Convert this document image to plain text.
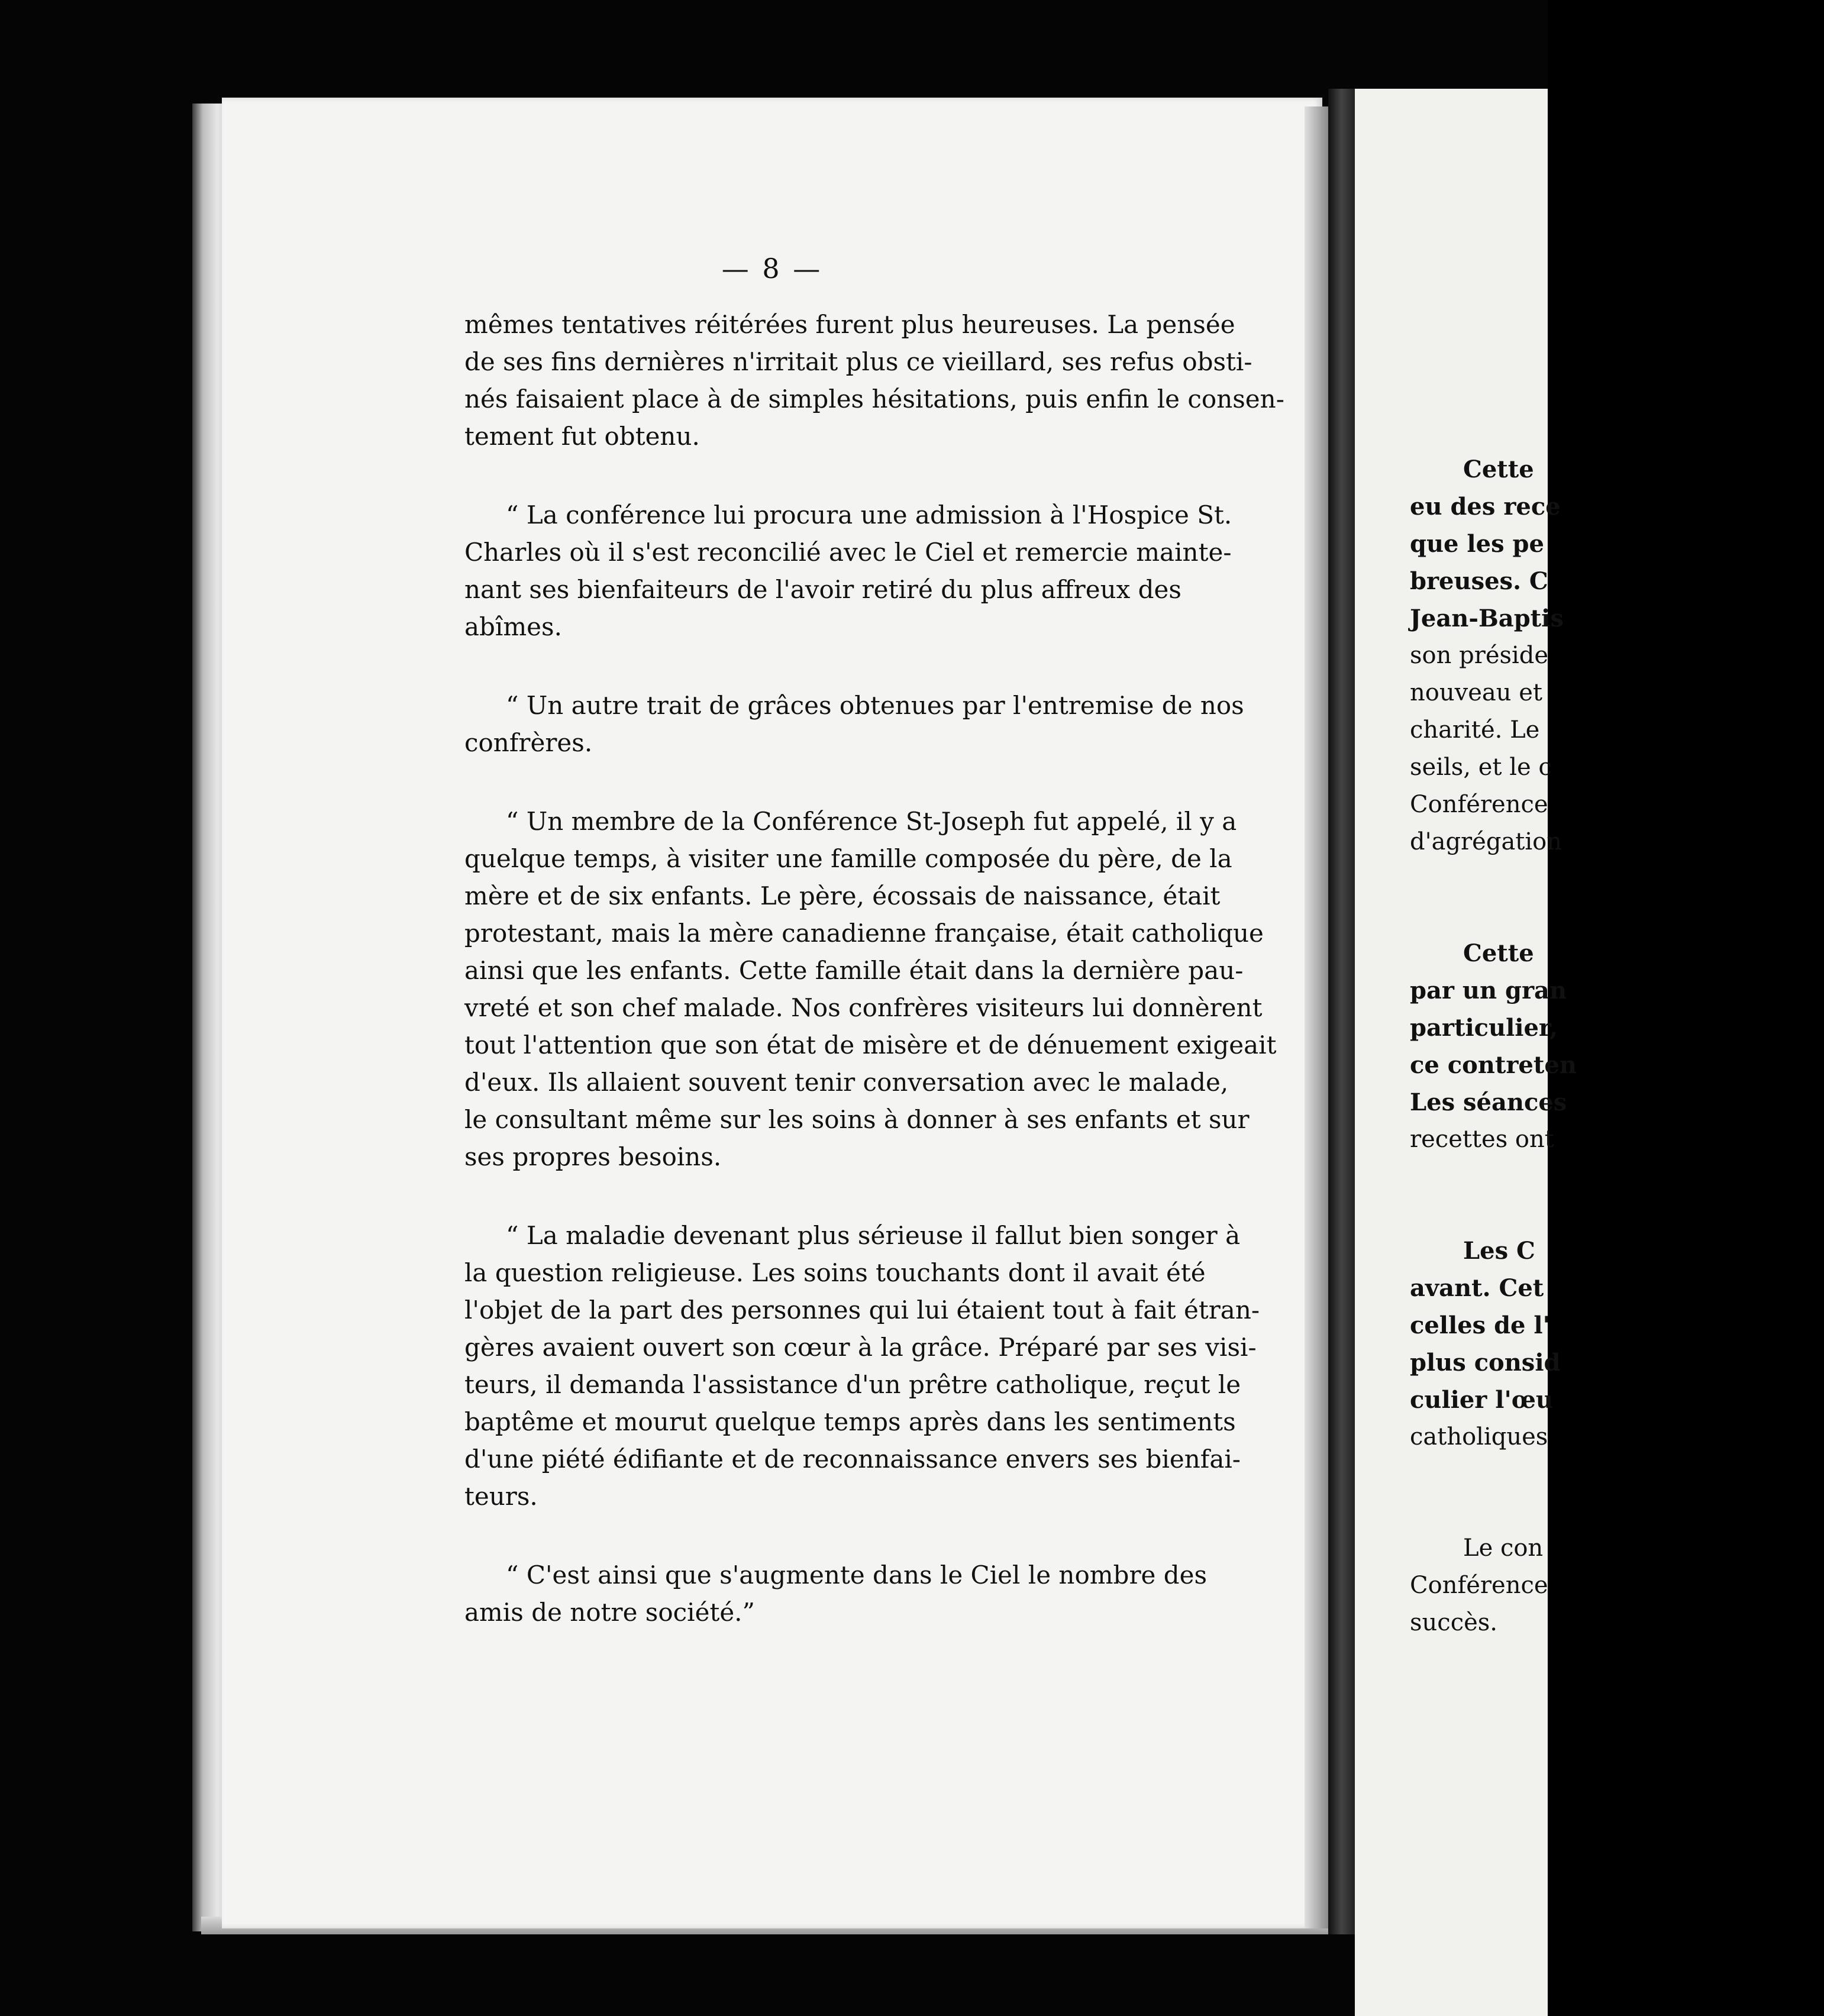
— 8 —
mêmes tentatives réitérées furent plus heureuses. La pensée
de ses fins dernières n'irritait plus ce vieillard, ses refus obsti-
nés faisaient place à de simples hésitations, puis enfin le consen-
tement fut obtenu.
“ La conférence lui procura une admission à l'Hospice St.
Charles où il s'est reconcilié avec le Ciel et remercie mainte-
nant ses bienfaiteurs de l'avoir retiré du plus affreux des
abîmes.
“ Un autre trait de grâces obtenues par l'entremise de nos
confrères.
“ Un membre de la Conférence St-Joseph fut appelé, il y a
quelque temps, à visiter une famille composée du père, de la
mère et de six enfants. Le père, écossais de naissance, était
protestant, mais la mère canadienne française, était catholique
ainsi que les enfants. Cette famille était dans la dernière pau-
vreté et son chef malade. Nos confrères visiteurs lui donnèrent
tout l'attention que son état de misère et de dénuement exigeait
d'eux. Ils allaient souvent tenir conversation avec le malade,
le consultant même sur les soins à donner à ses enfants et sur
ses propres besoins.
“ La maladie devenant plus sérieuse il fallut bien songer à
la question religieuse. Les soins touchants dont il avait été
l'objet de la part des personnes qui lui étaient tout à fait étran-
gères avaient ouvert son cœur à la grâce. Préparé par ses visi-
teurs, il demanda l'assistance d'un prêtre catholique, reçut le
baptême et mourut quelque temps après dans les sentiments
d'une piété édifiante et de reconnaissance envers ses bienfai-
teurs.
“ C'est ainsi que s'augmente dans le Ciel le nombre des
amis de notre société.”
Cette
eu des rece
que les pe
breuses. C
Jean-Baptis
son préside
nouveau et
charité. Le
seils, et le c
Conférence
d'agrégation
Cette
par un gran
particulier,
ce contreten
Les séances
recettes ont
Les C
avant. Cet
celles de l'
plus consid
culier l'œu
catholiques
Le con
Conférence
succès.
